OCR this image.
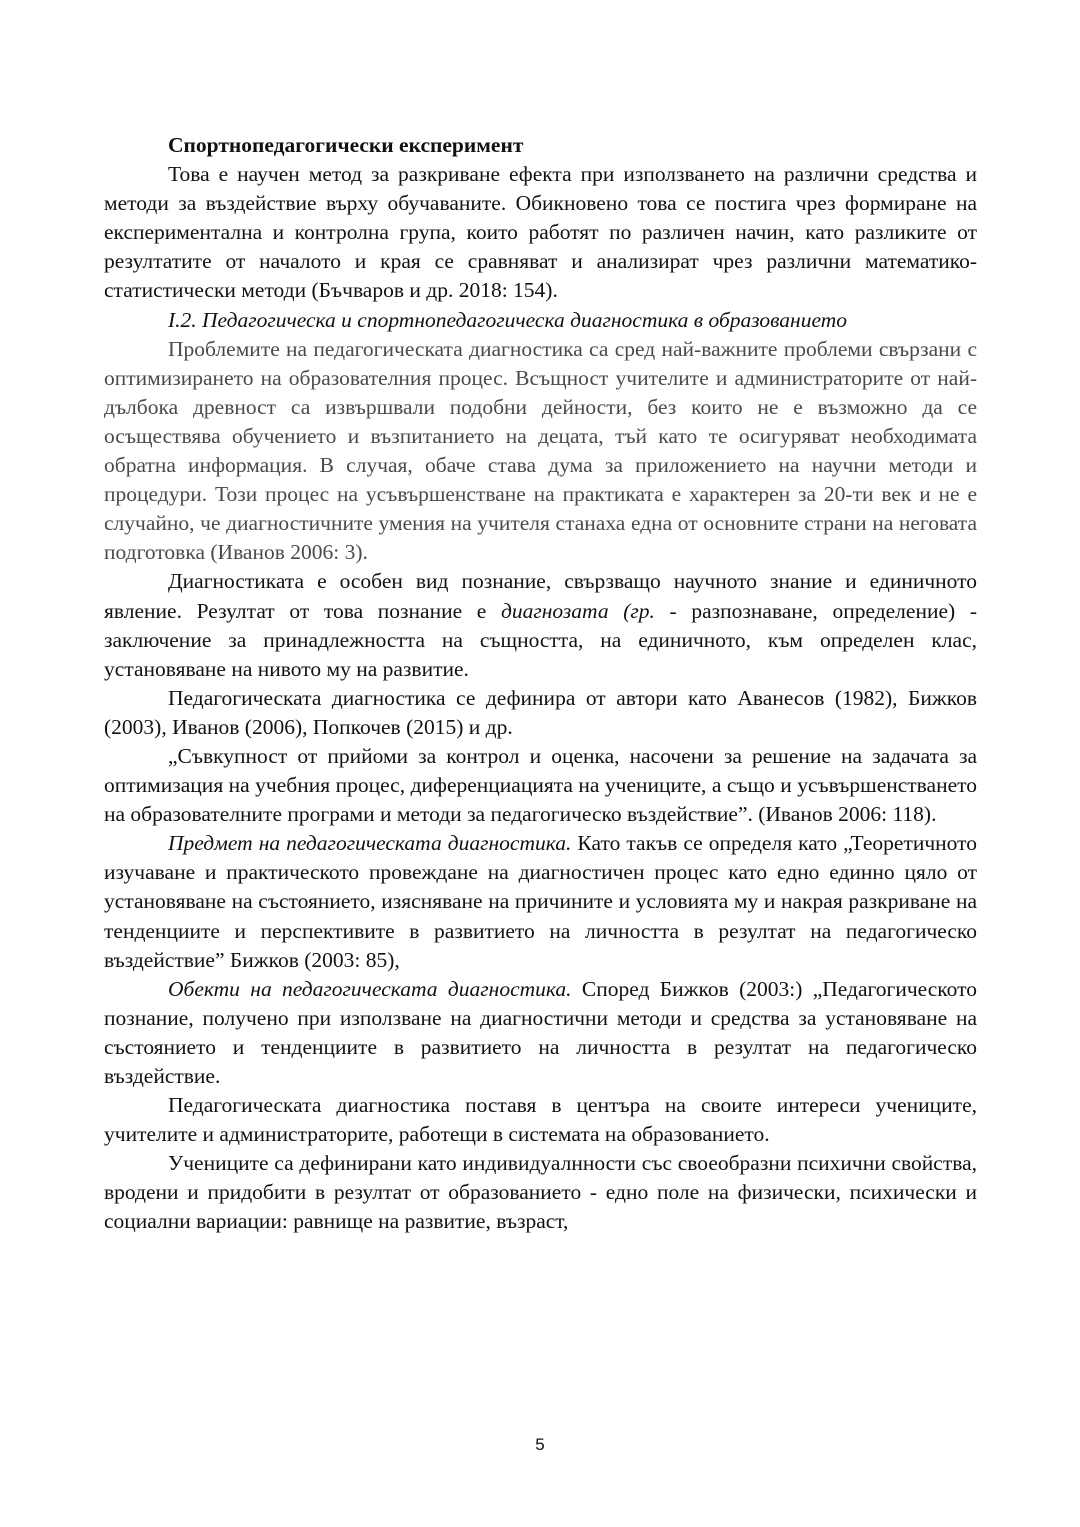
Спортнопедагогически експеримент

Това е научен метод за разкриване ефекта при използването на различни средства и методи за въздействие върху обучаваните. Обикновено това се постига чрез формиране на експериментална и контролна група, които работят по различен начин, като разликите от резултатите от началото и края се сравняват и анализират чрез различни математико-статистически методи (Бъчваров и др. 2018: 154).

I.2. Педагогическа и спортнопедагогическа диагностика в образованието

Проблемите на педагогическата диагностика са сред най-важните проблеми свързани с оптимизирането на образователния процес. Всъщност учителите и администраторите от най-дълбока древност са извършвали подобни дейности, без които не е възможно да се осъществява обучението и възпитанието на децата, тъй като те осигуряват необходимата обратна информация. В случая, обаче става дума за приложението на научни методи и процедури. Този процес на усъвършенстване на практиката е характерен за 20-ти век и не е случайно, че диагностичните умения на учителя станаха една от основните страни на неговата подготовка (Иванов 2006: 3).

Диагностиката е особен вид познание, свързващо научното знание и единичното явление. Резултат от това познание е диагнозата (гр. - разпознаване, определение) - заключение за принадлежността на същността, на единичното, към определен клас, установяване на нивото му на развитие.

Педагогическата диагностика се дефинира от автори като Аванесов (1982), Бижков (2003), Иванов (2006), Попкочев (2015) и др.

„Съвкупност от прийоми за контрол и оценка, насочени за решение на задачата за оптимизация на учебния процес, диференциацията на учениците, а също и усъвършенстването на образователните програми и методи за педагогическо въздействие”. (Иванов 2006: 118).

Предмет на педагогическата диагностика. Като такъв се определя като „Теоретичното изучаване и практическото провеждане на диагностичен процес като едно единно цяло от установяване на състоянието, изясняване на причините и условията му и накрая разкриване на тенденциите и перспективите в развитието на личността в резултат на педагогическо въздействие” Бижков (2003: 85),

Обекти на педагогическата диагностика. Според Бижков (2003:) „Педагогическото познание, получено при използване на диагностични методи и средства за установяване на състоянието и тенденциите в развитието на личността в резултат на педагогическо въздействие.

Педагогическата диагностика поставя в центъра на своите интереси учениците, учителите и администраторите, работещи в системата на образованието.

Учениците са дефинирани като индивидуалнности със своеобразни психични свойства, вродени и придобити в резултат от образованието - едно поле на физически, психически и социални вариации: равнище на развитие, възраст,

5
